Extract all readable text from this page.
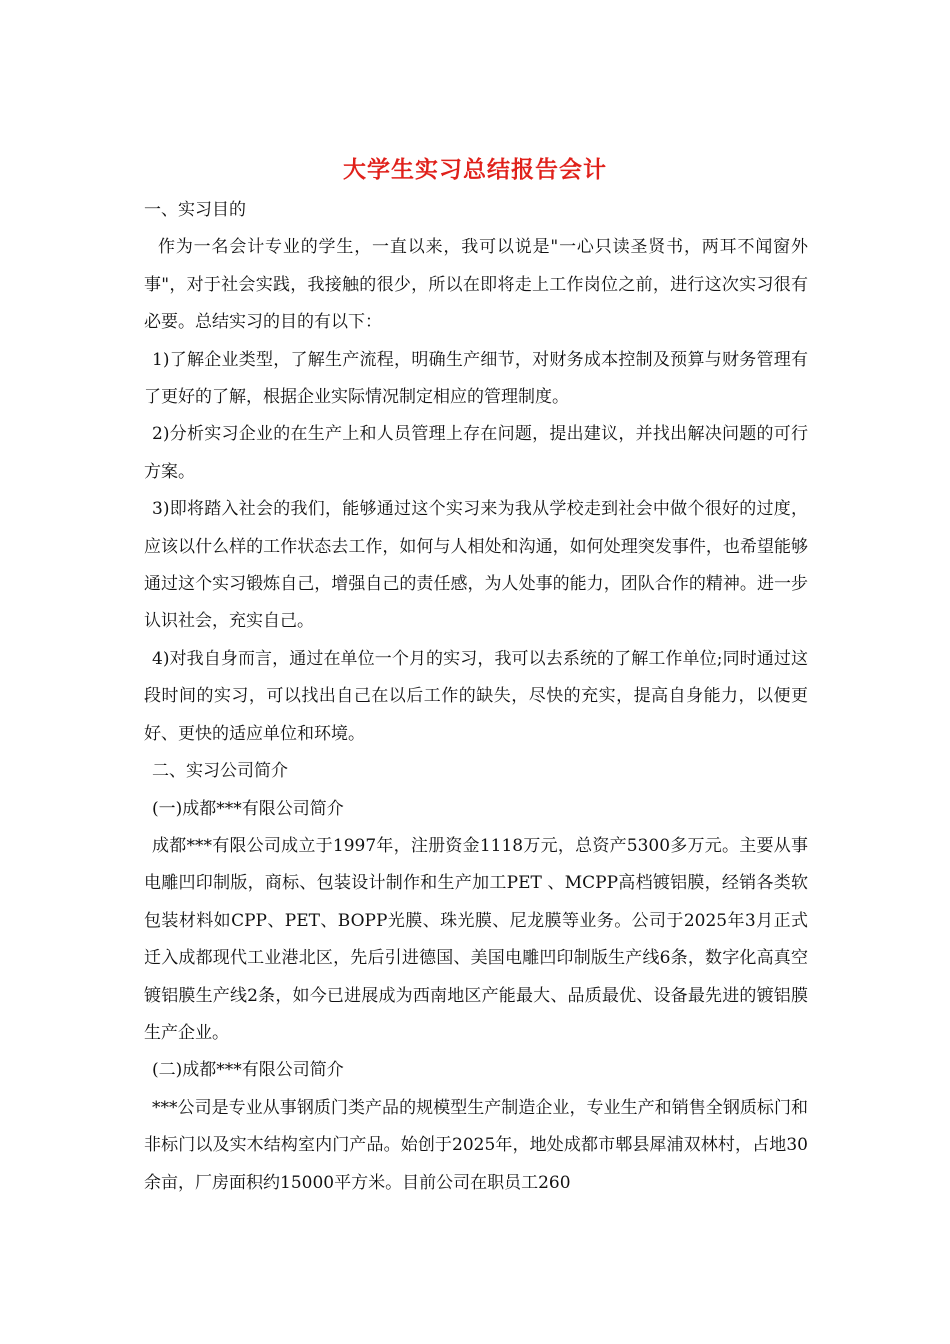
大学生实习总结报告会计

一、实习目的

作为一名会计专业的学生，一直以来，我可以说是"一心只读圣贤书，两耳不闻窗外事"，对于社会实践，我接触的很少，所以在即将走上工作岗位之前，进行这次实习很有必要。总结实习的目的有以下：

1)了解企业类型，了解生产流程，明确生产细节，对财务成本控制及预算与财务管理有了更好的了解，根据企业实际情况制定相应的管理制度。

2)分析实习企业的在生产上和人员管理上存在问题，提出建议，并找出解决问题的可行方案。

3)即将踏入社会的我们，能够通过这个实习来为我从学校走到社会中做个很好的过度，应该以什么样的工作状态去工作，如何与人相处和沟通，如何处理突发事件，也希望能够通过这个实习锻炼自己，增强自己的责任感，为人处事的能力，团队合作的精神。进一步认识社会，充实自己。

4)对我自身而言，通过在单位一个月的实习，我可以去系统的了解工作单位;同时通过这段时间的实习，可以找出自己在以后工作的缺失，尽快的充实，提高自身能力，以便更好、更快的适应单位和环境。

二、实习公司简介

(一)成都***有限公司简介

成都***有限公司成立于1997年，注册资金1118万元，总资产5300多万元。主要从事电雕凹印制版，商标、包装设计制作和生产加工PET 、MCPP高档镀铝膜，经销各类软包装材料如CPP、PET、BOPP光膜、珠光膜、尼龙膜等业务。公司于2025年3月正式迁入成都现代工业港北区，先后引进德国、美国电雕凹印制版生产线6条，数字化高真空镀铝膜生产线2条，如今已进展成为西南地区产能最大、品质最优、设备最先进的镀铝膜生产企业。

(二)成都***有限公司简介

***公司是专业从事钢质门类产品的规模型生产制造企业，专业生产和销售全钢质标门和非标门以及实木结构室内门产品。始创于2025年，地处成都市郫县犀浦双林村，占地30余亩，厂房面积约15000平方米。目前公司在职员工260
